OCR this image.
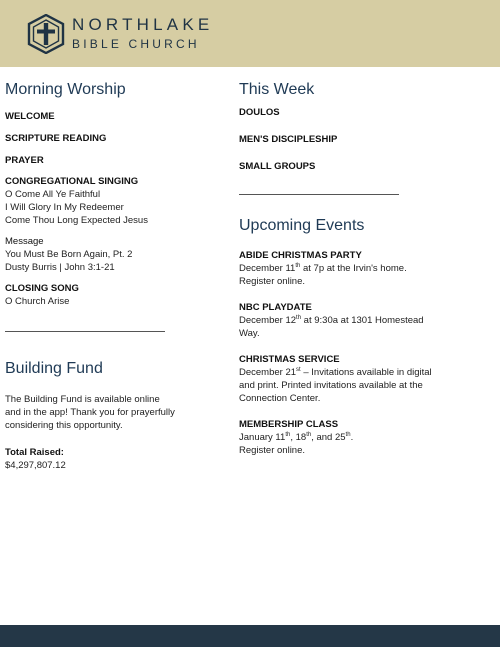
NORTHLAKE
BIBLE CHURCH
Morning Worship
WELCOME
SCRIPTURE READING
PRAYER
CONGREGATIONAL SINGING
O Come All Ye Faithful
I Will Glory In My Redeemer
Come Thou Long Expected Jesus
Message
You Must Be Born Again, Pt. 2
Dusty Burris | John 3:1-21
CLOSING SONG
O Church Arise
Building Fund
The Building Fund is available online
and in the app! Thank you for prayerfully
considering this opportunity.
Total Raised:
$4,297,807.12
This Week
DOULOS
MEN'S DISCIPLESHIP
SMALL GROUPS
Upcoming Events
ABIDE CHRISTMAS PARTY
December 11th at 7p at the Irvin's home.
Register online.
NBC PLAYDATE
December 12th at 9:30a at 1301 Homestead
Way.
CHRISTMAS SERVICE
December 21st – Invitations available in digital
and print. Printed invitations available at the
Connection Center.
MEMBERSHIP CLASS
January 11th, 18th, and 25th.
Register online.
